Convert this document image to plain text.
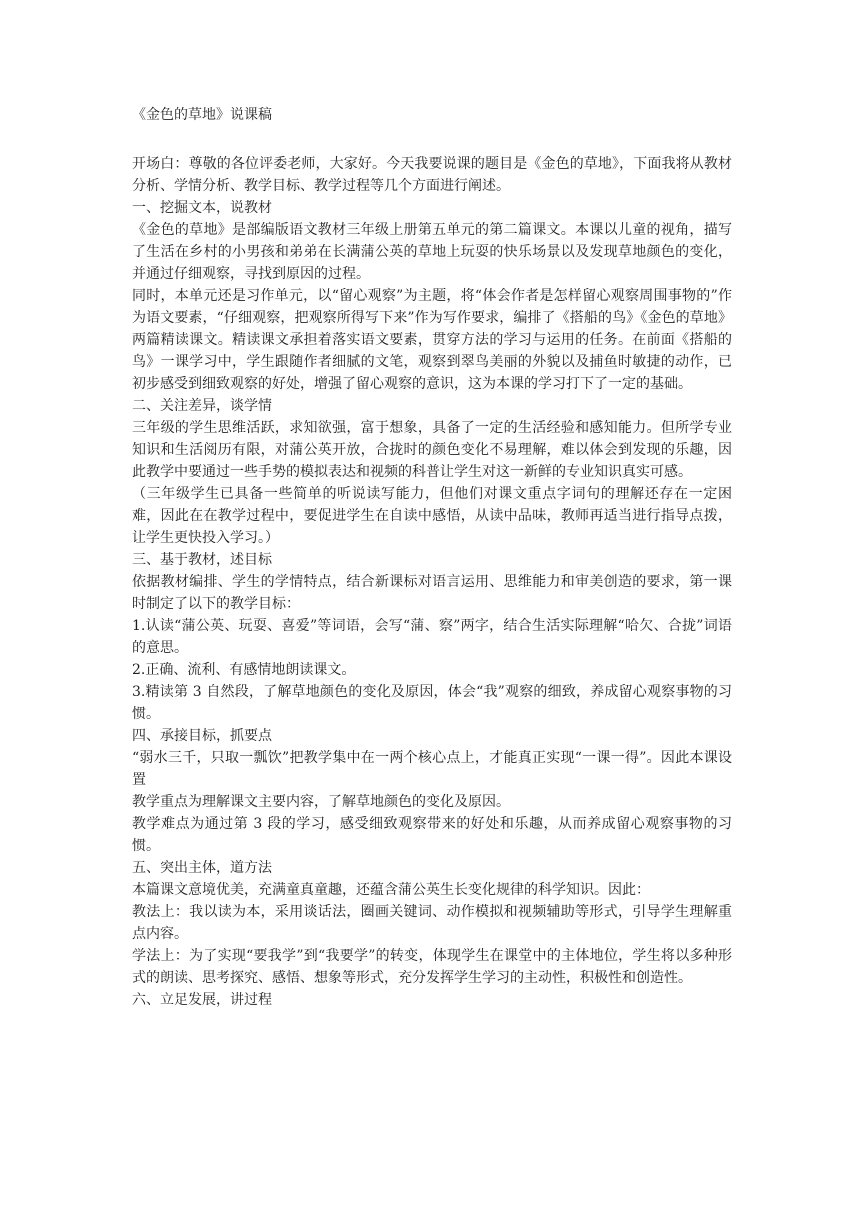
《金色的草地》说课稿

开场白：尊敬的各位评委老师，大家好。今天我要说课的题目是《金色的草地》，下面我将从教材分析、学情分析、教学目标、教学过程等几个方面进行阐述。

一、挖掘文本，说教材

《金色的草地》是部编版语文教材三年级上册第五单元的第二篇课文。本课以儿童的视角，描写了生活在乡村的小男孩和弟弟在长满蒲公英的草地上玩耍的快乐场景以及发现草地颜色的变化，并通过仔细观察，寻找到原因的过程。

同时，本单元还是习作单元，以“留心观察”为主题，将“体会作者是怎样留心观察周围事物的”作为语文要素，“仔细观察，把观察所得写下来”作为写作要求，编排了《搭船的鸟》《金色的草地》两篇精读课文。精读课文承担着落实语文要素，贯穿方法的学习与运用的任务。在前面《搭船的鸟》一课学习中，学生跟随作者细腻的文笔，观察到翠鸟美丽的外貌以及捕鱼时敏捷的动作，已初步感受到细致观察的好处，增强了留心观察的意识，这为本课的学习打下了一定的基础。

二、关注差异，谈学情

三年级的学生思维活跃，求知欲强，富于想象，具备了一定的生活经验和感知能力。但所学专业知识和生活阅历有限，对蒲公英开放，合拢时的颜色变化不易理解，难以体会到发现的乐趣，因此教学中要通过一些手势的模拟表达和视频的科普让学生对这一新鲜的专业知识真实可感。

（三年级学生已具备一些简单的听说读写能力，但他们对课文重点字词句的理解还存在一定困难，因此在在教学过程中，要促进学生在自读中感悟，从读中品味，教师再适当进行指导点拨，让学生更快投入学习。）

三、基于教材，述目标

依据教材编排、学生的学情特点，结合新课标对语言运用、思维能力和审美创造的要求，第一课时制定了以下的教学目标：

1.认读“蒲公英、玩耍、喜爱”等词语，会写“蒲、察”两字，结合生活实际理解“哈欠、合拢”词语的意思。

2.正确、流利、有感情地朗读课文。

3.精读第 3 自然段，了解草地颜色的变化及原因，体会“我”观察的细致，养成留心观察事物的习惯。

四、承接目标，抓要点

“弱水三千，只取一瓢饮”把教学集中在一两个核心点上，才能真正实现“一课一得”。因此本课设置

教学重点为理解课文主要内容，了解草地颜色的变化及原因。

教学难点为通过第 3 段的学习，感受细致观察带来的好处和乐趣，从而养成留心观察事物的习惯。

五、突出主体，道方法

本篇课文意境优美，充满童真童趣，还蕴含蒲公英生长变化规律的科学知识。因此：

教法上：我以读为本，采用谈话法，圈画关键词、动作模拟和视频辅助等形式，引导学生理解重点内容。

学法上：为了实现“要我学”到“我要学”的转变，体现学生在课堂中的主体地位，学生将以多种形式的朗读、思考探究、感悟、想象等形式，充分发挥学生学习的主动性，积极性和创造性。

六、立足发展，讲过程
